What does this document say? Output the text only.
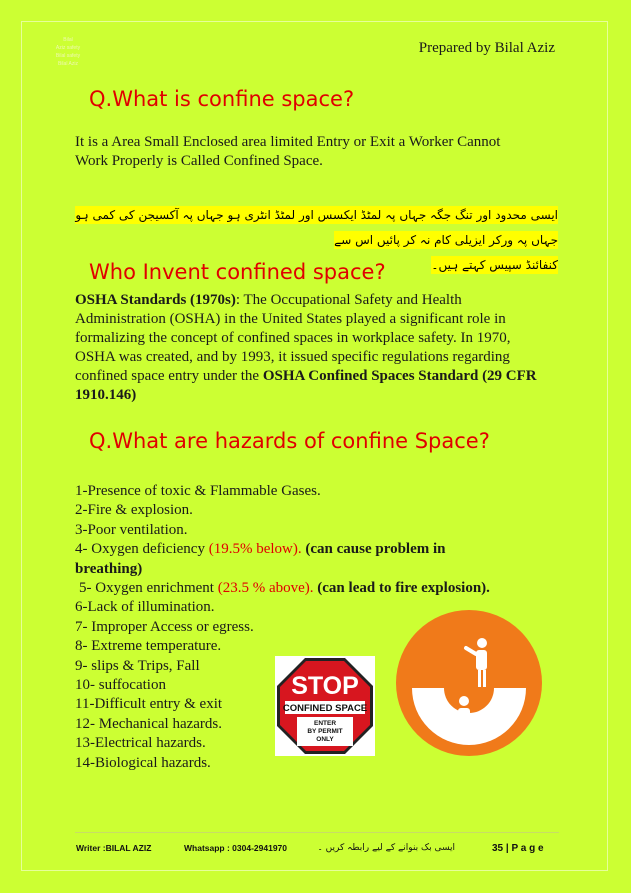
Bilal
Aziz safety
Bilal safety
Bilal Aziz
Prepared by Bilal Aziz
Q.What is confine space?

It is a Area Small Enclosed area limited Entry or Exit a Worker Cannot Work Properly is Called Confined Space.

ایسی محدود اور تنگ جگہ جہاں پہ لمٹڈ ایکسس اور لمٹڈ انٹری ہو جہاں پہ آکسیجن کی کمی ہو جہاں پہ ورکر ایزیلی کام نہ کر پائیں اس سے
کنفائنڈ سپیس کہتے ہیں۔
Who Invent confined space?

OSHA Standards (1970s): The Occupational Safety and Health Administration (OSHA) in the United States played a significant role in formalizing the concept of confined spaces in workplace safety. In 1970, OSHA was created, and by 1993, it issued specific regulations regarding confined space entry under the OSHA Confined Spaces Standard (29 CFR 1910.146)

Q.What are hazards of confine Space?
1-Presence of toxic & Flammable Gases.
2-Fire & explosion.
3-Poor ventilation.
4- Oxygen deficiency (19.5% below). (can cause problem in breathing)
5- Oxygen enrichment (23.5 % above). (can lead to fire explosion).
6-Lack of illumination.
7- Improper Access or egress.
8- Extreme temperature.
9- slips & Trips, Fall
10- suffocation
11-Difficult entry & exit
12- Mechanical hazards.
13-Electrical hazards.
14-Biological hazards.
STOP
CONFINED SPACE
ENTER
BY PERMIT
ONLY
Writer :BILAL AZIZ	Whatsapp : 0304-2941970	ایسی بک بنوانے کے لیے رابطہ کریں ۔	35 | P a g e
